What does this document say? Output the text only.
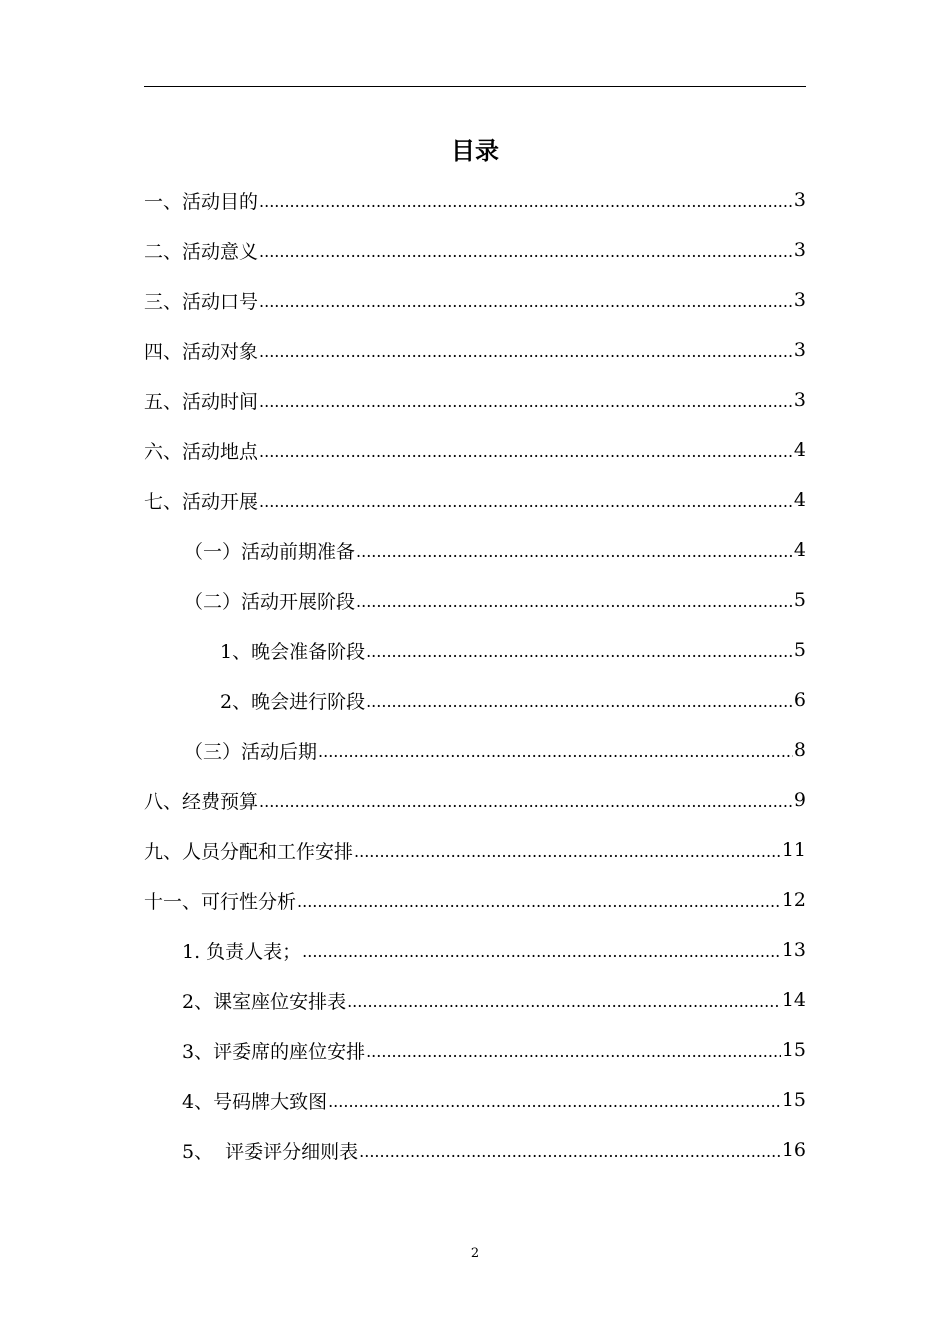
目录
一、活动目的 .....	3
二、活动意义 .....	3
三、活动口号 .....	3
四、活动对象 .....	3
五、活动时间 .....	3
六、活动地点 .....	4
七、活动开展 .....	4
（一）活动前期准备 .....	4
（二）活动开展阶段 .....	5
1、晚会准备阶段 .....	5
2、晚会进行阶段 .....	6
（三）活动后期 .....	8
八、经费预算 .....	9
九、人员分配和工作安排 .....	11
十一、可行性分析 .....	12
1. 负责人表； .....	13
2、课室座位安排表 .....	14
3、评委席的座位安排 .....	15
4、号码牌大致图 .....	15
5、  评委评分细则表 .....	16
2
